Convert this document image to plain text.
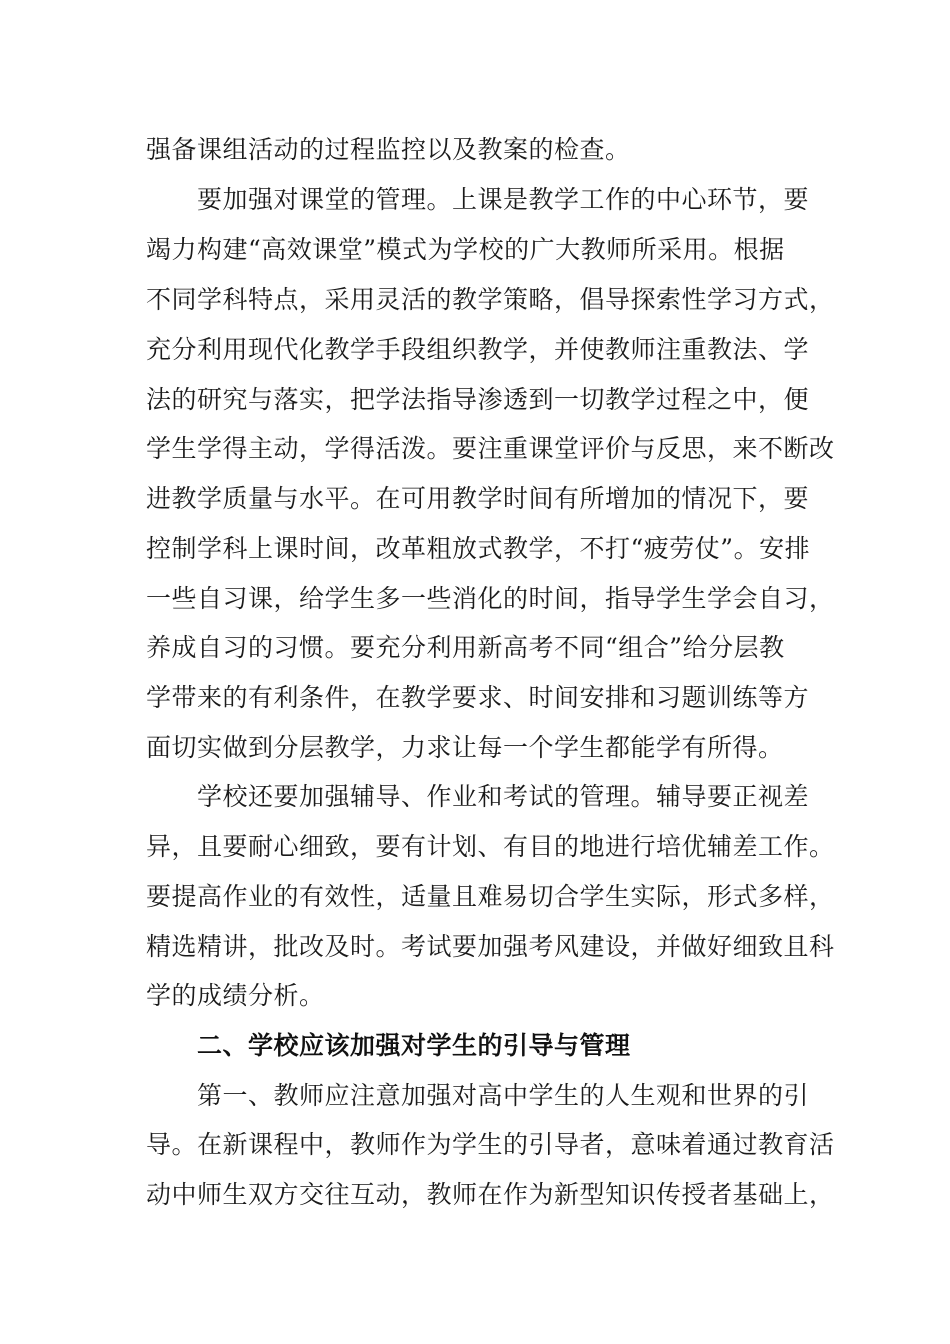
强备课组活动的过程监控以及教案的检查。
要加强对课堂的管理。上课是教学工作的中心环节，要
竭力构建“高效课堂”模式为学校的广大教师所采用。根据
不同学科特点，采用灵活的教学策略，倡导探索性学习方式，
充分利用现代化教学手段组织教学，并使教师注重教法、学
法的研究与落实，把学法指导渗透到一切教学过程之中，便
学生学得主动，学得活泼。要注重课堂评价与反思，来不断改
进教学质量与水平。在可用教学时间有所增加的情况下，要
控制学科上课时间，改革粗放式教学，不打“疲劳仗”。安排
一些自习课，给学生多一些消化的时间，指导学生学会自习，
养成自习的习惯。要充分利用新高考不同“组合”给分层教
学带来的有利条件，在教学要求、时间安排和习题训练等方
面切实做到分层教学，力求让每一个学生都能学有所得。
学校还要加强辅导、作业和考试的管理。辅导要正视差
异，且要耐心细致，要有计划、有目的地进行培优辅差工作。
要提高作业的有效性，适量且难易切合学生实际，形式多样，
精选精讲，批改及时。考试要加强考风建设，并做好细致且科
学的成绩分析。
二、学校应该加强对学生的引导与管理
第一、教师应注意加强对高中学生的人生观和世界的引
导。在新课程中，教师作为学生的引导者，意味着通过教育活
动中师生双方交往互动，教师在作为新型知识传授者基础上，
